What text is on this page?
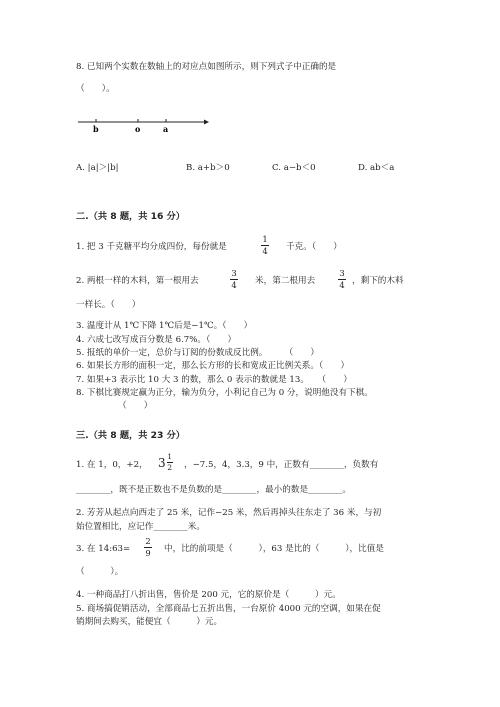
8. 已知两个实数在数轴上的对应点如图所示，则下列式子中正确的是
（　　）。
b	o	a
A. |a|＞|b|	B. a+b＞0	C. a−b＜0	D. ab＜a
二.（共 8 题，共 16 分）
1. 把 3 千克糖平均分成四份，每份就是
1
4 千克。（　　）
2. 两根一样的木料，第一根用去
3
4 米，第二根用去
3
4 ，剩下的木料
一样长。（　　）
3. 温度计从 1℃下降 1℃后是−1℃。（　　）
4. 六成七改写成百分数是 6.7%。（　　）
5. 报纸的单价一定，总价与订阅的份数成反比例。　　　（　　）
6. 如果长方形的面积一定，那么长方形的长和宽成正比例关系。（　　）
7. 如果+3 表示比 10 大 3 的数，那么 0 表示的数就是 13。　　（　　）
8. 下棋比赛规定赢为正分，输为负分，小利记自己为 0 分，说明他没有下棋。
（　　）
三.（共 8 题，共 23 分）
1. 在 1，0，+2， $3 \frac{1}{2}$ ，−7.5，4，3.3，9 中，正数有________，负数有
________，既不是正数也不是负数的是________，最小的数是________。
2. 芳芳从起点向西走了 25 米，记作−25 米，然后再掉头往东走了 36 米，与初
始位置相比，应记作________米。
3. 在 14:63=
2
9 中，比的前项是（　　　），63 是比的（　　　），比值是
（　　　）。
4. 一种商品打八折出售，售价是 200 元，它的原价是（　　　）元。
5. 商场搞促销活动，全部商品七五折出售，一台原价 4000 元的空调，如果在促
销期间去购买，能便宜（　　　）元。
